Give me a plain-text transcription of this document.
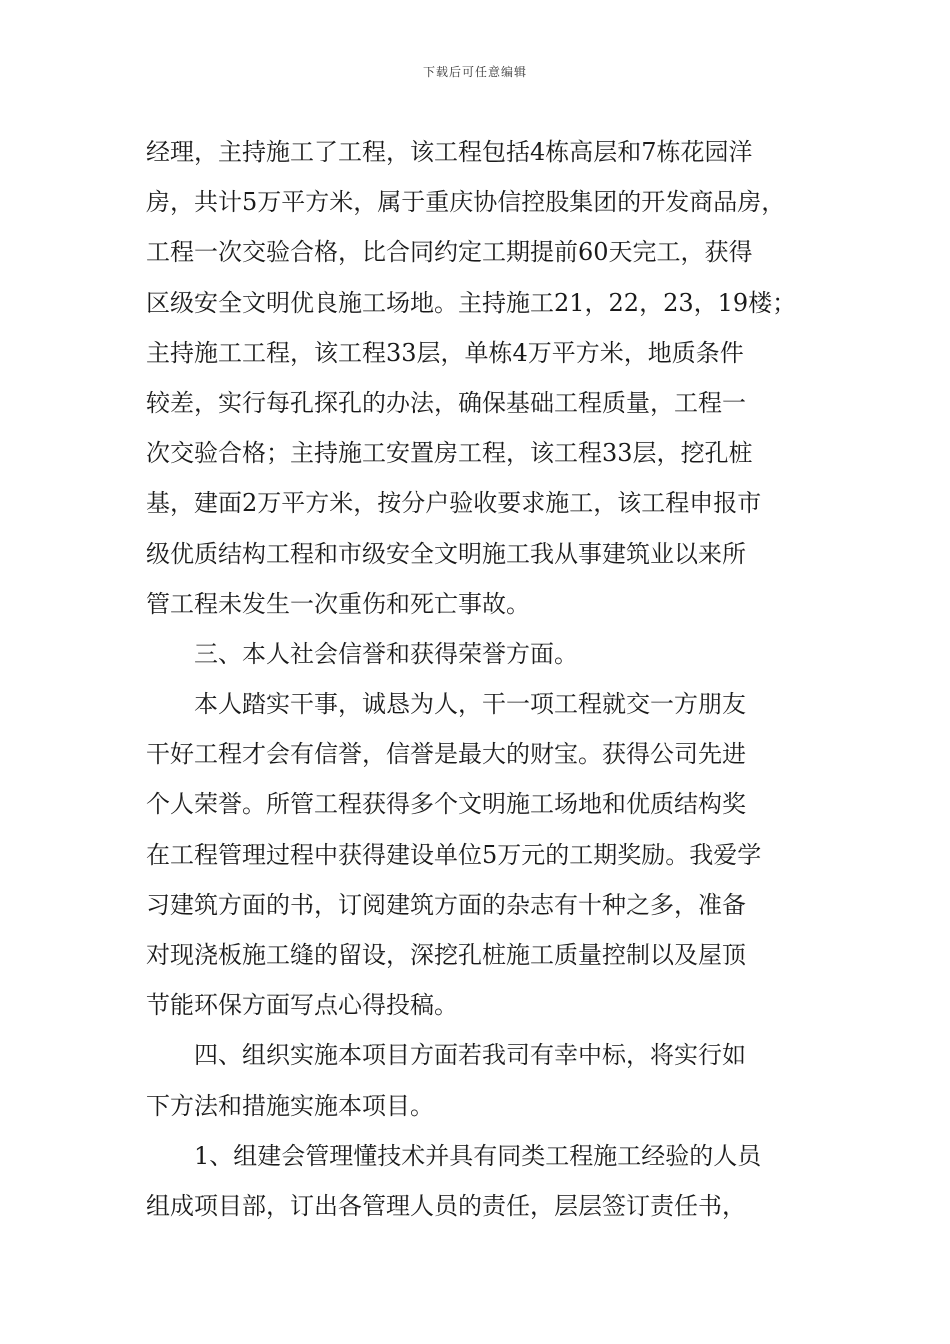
下载后可任意编辑
经理，主持施工了工程，该工程包括4栋高层和7栋花园洋
房，共计5万平方米，属于重庆协信控股集团的开发商品房，
工程一次交验合格，比合同约定工期提前60天完工，获得
区级安全文明优良施工场地。主持施工21，22，23，19楼；
主持施工工程，该工程33层，单栋4万平方米，地质条件
较差，实行每孔探孔的办法，确保基础工程质量，工程一
次交验合格；主持施工安置房工程，该工程33层，挖孔桩
基，建面2万平方米，按分户验收要求施工，该工程申报市
级优质结构工程和市级安全文明施工我从事建筑业以来所
管工程未发生一次重伤和死亡事故。
三、本人社会信誉和获得荣誉方面。
本人踏实干事，诚恳为人，干一项工程就交一方朋友
干好工程才会有信誉，信誉是最大的财宝。获得公司先进
个人荣誉。所管工程获得多个文明施工场地和优质结构奖
在工程管理过程中获得建设单位5万元的工期奖励。我爱学
习建筑方面的书，订阅建筑方面的杂志有十种之多，准备
对现浇板施工缝的留设，深挖孔桩施工质量控制以及屋顶
节能环保方面写点心得投稿。
四、组织实施本项目方面若我司有幸中标，将实行如
下方法和措施实施本项目。
1、组建会管理懂技术并具有同类工程施工经验的人员
组成项目部，订出各管理人员的责任，层层签订责任书，
